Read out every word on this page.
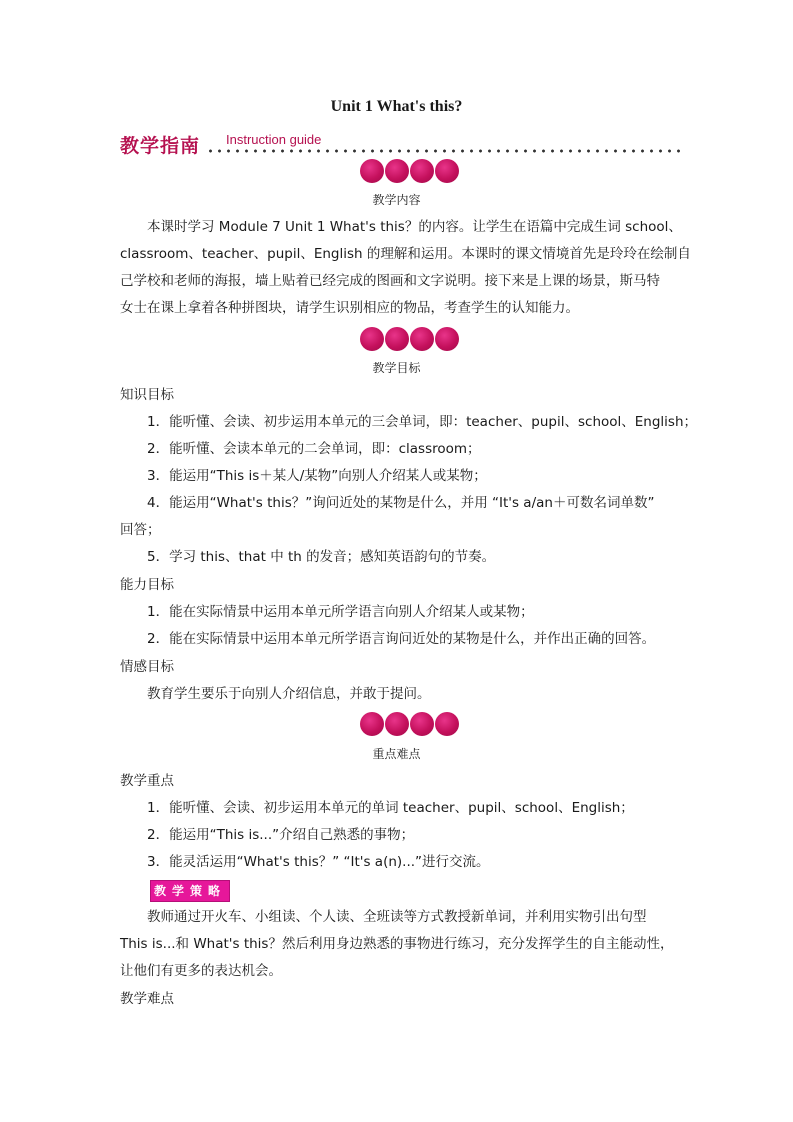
Unit 1 What's this?
教学指南 Instruction guide
教学内容
本课时学习 Module 7 Unit 1 What's this？的内容。让学生在语篇中完成生词 school、
classroom、teacher、pupil、English 的理解和运用。本课时的课文情境首先是玲玲在绘制自
己学校和老师的海报，墙上贴着已经完成的图画和文字说明。接下来是上课的场景，斯马特
女士在课上拿着各种拼图块，请学生识别相应的物品，考查学生的认知能力。
教学目标
知识目标
1．能听懂、会读、初步运用本单元的三会单词，即：teacher、pupil、school、English；
2．能听懂、会读本单元的二会单词，即：classroom；
3．能运用“This is＋某人/某物”向别人介绍某人或某物；
4．能运用“What's this？”询问近处的某物是什么，并用 “It's a/an＋可数名词单数”
回答；
5．学习 this、that 中 th 的发音；感知英语韵句的节奏。
能力目标
1．能在实际情景中运用本单元所学语言向别人介绍某人或某物；
2．能在实际情景中运用本单元所学语言询问近处的某物是什么，并作出正确的回答。
情感目标
教育学生要乐于向别人介绍信息，并敢于提问。
重点难点
教学重点
1．能听懂、会读、初步运用本单元的单词 teacher、pupil、school、English；
2．能运用“This is...”介绍自己熟悉的事物；
3．能灵活运用“What's this？” “It's a(n)...”进行交流。
教学策略
教师通过开火车、小组读、个人读、全班读等方式教授新单词，并利用实物引出句型
This is...和 What's this？然后利用身边熟悉的事物进行练习，充分发挥学生的自主能动性，
让他们有更多的表达机会。
教学难点
